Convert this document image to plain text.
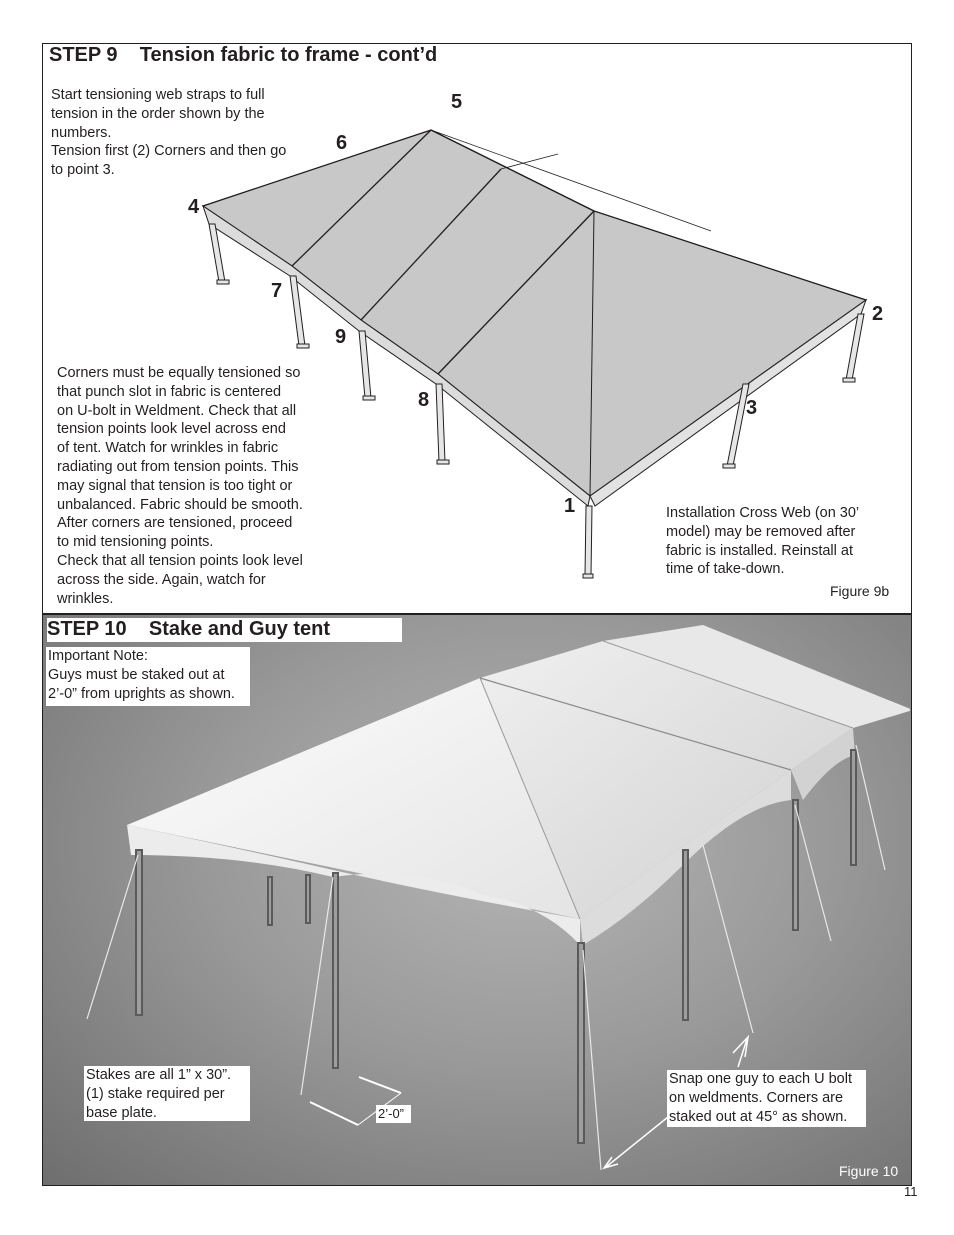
Start tensioning web straps to full
tension in the order shown by the
numbers.
Tension first (2) Corners and then go
to point 3.
5
6
4
7
2
9
8	3
1
Corners must be equally tensioned so
that punch slot in fabric is centered
on U-bolt in Weldment. Check that all
tension points look level across end
of tent. Watch for wrinkles in fabric
radiating out from tension points. This
may signal that tension is too tight or
unbalanced. Fabric should be smooth.
After corners are tensioned, proceed
to mid tensioning points.
Check that all tension points look level
across the side. Again, watch for
wrinkles.
Installation Cross Web (on 30’
model) may be removed after
fabric is installed. Reinstall at
time of take-down.
Figure 9b
STEP 9    Tension fabric to frame - cont’d
Figure 10
STEP 10    Stake and Guy tent
Important Note:
Guys must be staked out at
2’-0” from uprights as shown.
Stakes are all 1” x 30”.
(1) stake required per
base plate.	2’-0”
Snap one guy to each U bolt
on weldments. Corners are
staked out at 45° as shown.
11
